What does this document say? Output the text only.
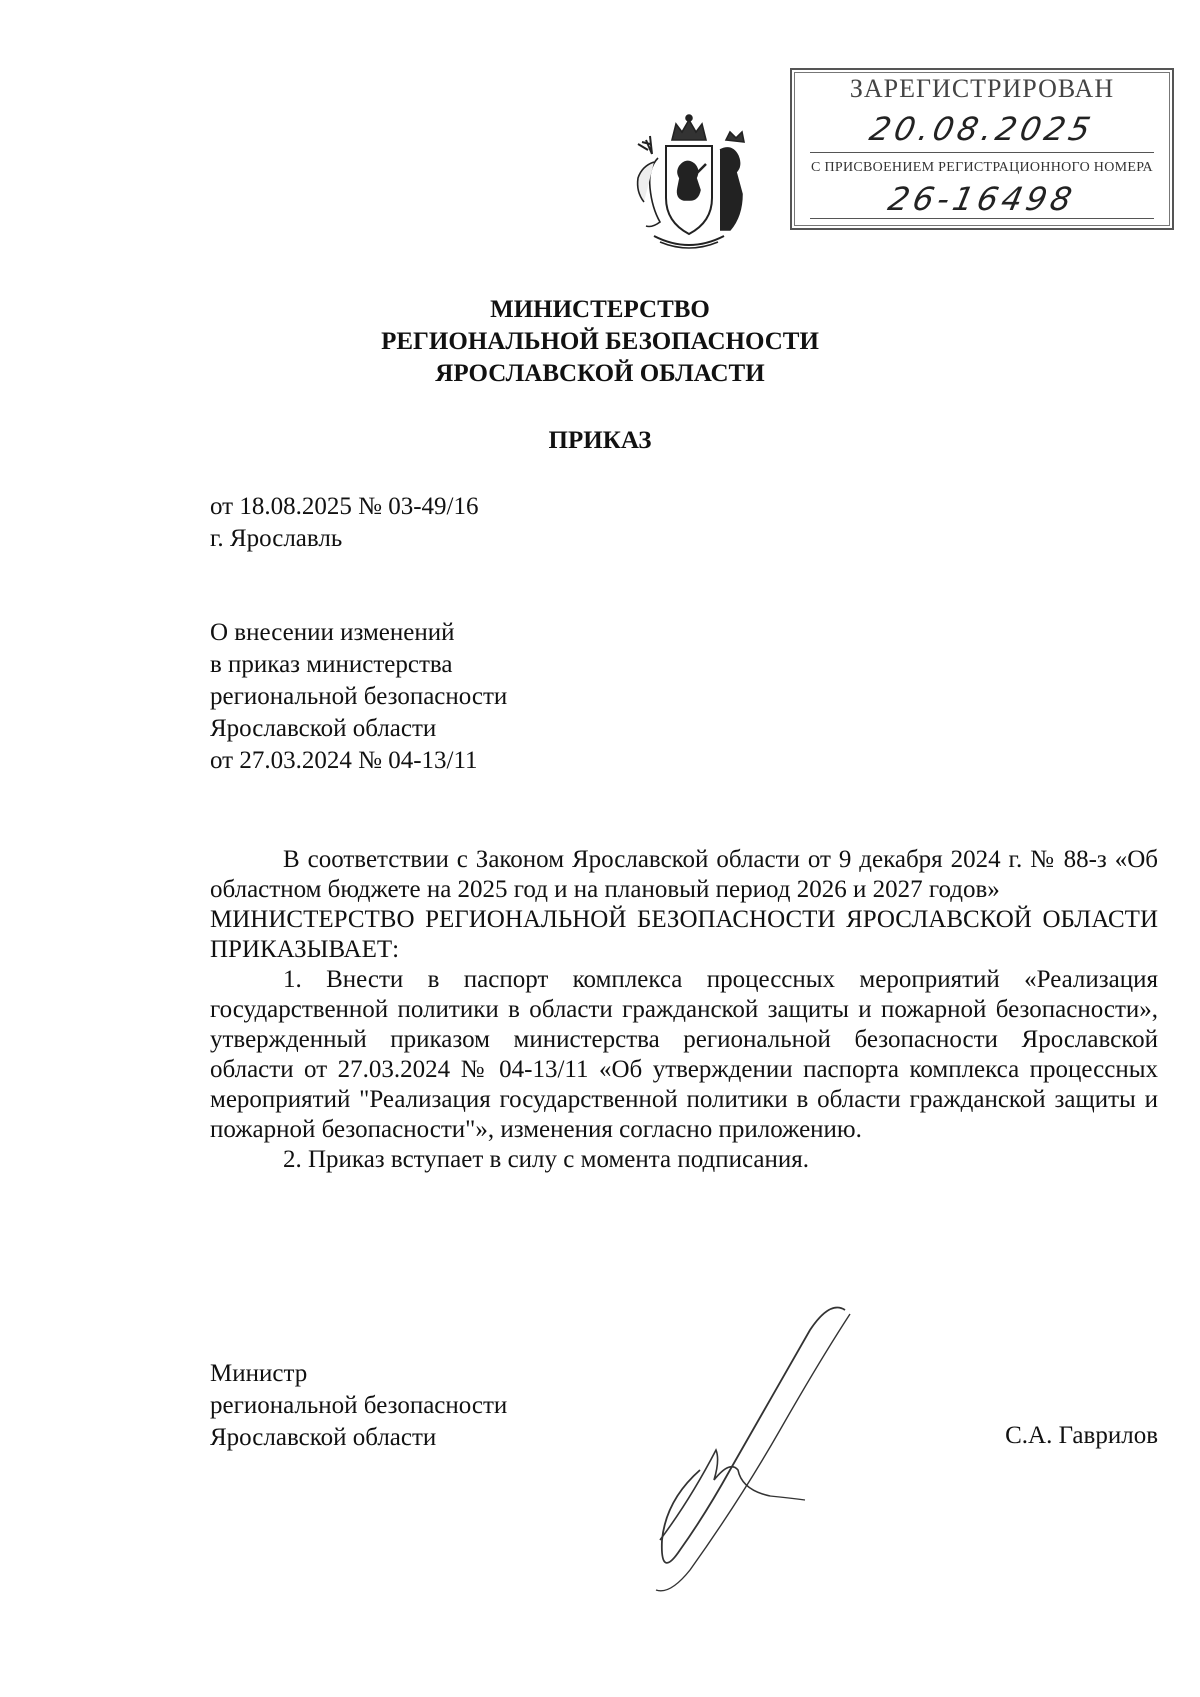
ЗАРЕГИСТРИРОВАН
20.08.2025
С ПРИСВОЕНИЕМ РЕГИСТРАЦИОННОГО НОМЕРА
26-16498
МИНИСТЕРСТВО
РЕГИОНАЛЬНОЙ БЕЗОПАСНОСТИ
ЯРОСЛАВСКОЙ ОБЛАСТИ
ПРИКАЗ
от 18.08.2025 № 03-49/16
г. Ярославль
О внесении изменений
в приказ министерства
региональной безопасности
Ярославской области
от 27.03.2024 № 04-13/11

В соответствии с Законом Ярославской области от 9 декабря 2024 г. № 88-з «Об областном бюджете на 2025 год и на плановый период 2026 и 2027 годов»

МИНИСТЕРСТВО РЕГИОНАЛЬНОЙ БЕЗОПАСНОСТИ ЯРОСЛАВСКОЙ ОБЛАСТИ ПРИКАЗЫВАЕТ:

1. Внести в паспорт комплекса процессных мероприятий «Реализация государственной политики в области гражданской защиты и пожарной безопасности», утвержденный приказом министерства региональной безопасности Ярославской области от 27.03.2024 № 04-13/11 «Об утверждении паспорта комплекса процессных мероприятий "Реализация государственной политики в области гражданской защиты и пожарной безопасности"», изменения согласно приложению.

2. Приказ вступает в силу с момента подписания.

Министр
региональной безопасности
Ярославской области	С.А. Гаврилов
